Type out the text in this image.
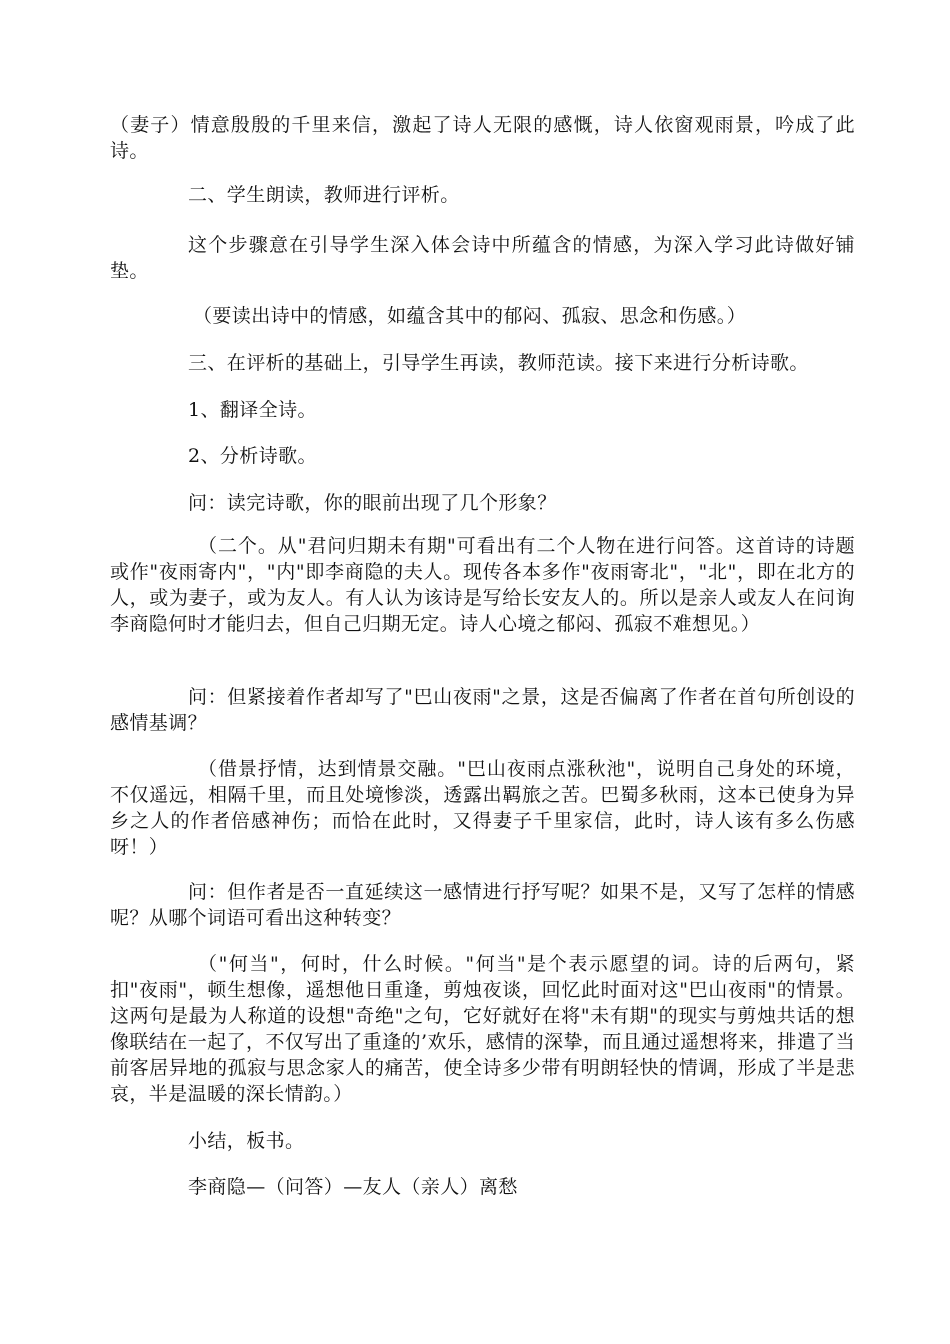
（妻子）情意殷殷的千里来信，激起了诗人无限的感慨，诗人依窗观雨景，吟成了此诗。

二、学生朗读，教师进行评析。

这个步骤意在引导学生深入体会诗中所蕴含的情感，为深入学习此诗做好铺垫。

（要读出诗中的情感，如蕴含其中的郁闷、孤寂、思念和伤感。）

三、在评析的基础上，引导学生再读，教师范读。接下来进行分析诗歌。

1、翻译全诗。

2、分析诗歌。

问：读完诗歌，你的眼前出现了几个形象？

（二个。从"君问归期未有期"可看出有二个人物在进行问答。这首诗的诗题或作"夜雨寄内"，"内"即李商隐的夫人。现传各本多作"夜雨寄北"，"北"，即在北方的人，或为妻子，或为友人。有人认为该诗是写给长安友人的。所以是亲人或友人在问询李商隐何时才能归去，但自己归期无定。诗人心境之郁闷、孤寂不难想见。）

问：但紧接着作者却写了"巴山夜雨"之景，这是否偏离了作者在首句所创设的感情基调？

（借景抒情，达到情景交融。"巴山夜雨点涨秋池"，说明自己身处的环境，不仅遥远，相隔千里，而且处境惨淡，透露出羁旅之苦。巴蜀多秋雨，这本已使身为异乡之人的作者倍感神伤；而恰在此时，又得妻子千里家信，此时，诗人该有多么伤感呀！）

问：但作者是否一直延续这一感情进行抒写呢？如果不是，又写了怎样的情感呢？从哪个词语可看出这种转变？

（"何当"，何时，什么时候。"何当"是个表示愿望的词。诗的后两句，紧扣"夜雨"，顿生想像，遥想他日重逢，剪烛夜谈，回忆此时面对这"巴山夜雨"的情景。这两句是最为人称道的设想"奇绝"之句，它好就好在将"未有期"的现实与剪烛共话的想像联结在一起了，不仅写出了重逢的’欢乐，感情的深挚，而且通过遥想将来，排遣了当前客居异地的孤寂与思念家人的痛苦，使全诗多少带有明朗轻快的情调，形成了半是悲哀，半是温暖的深长情韵。）

小结，板书。

李商隐—（问答）—友人（亲人）离愁
